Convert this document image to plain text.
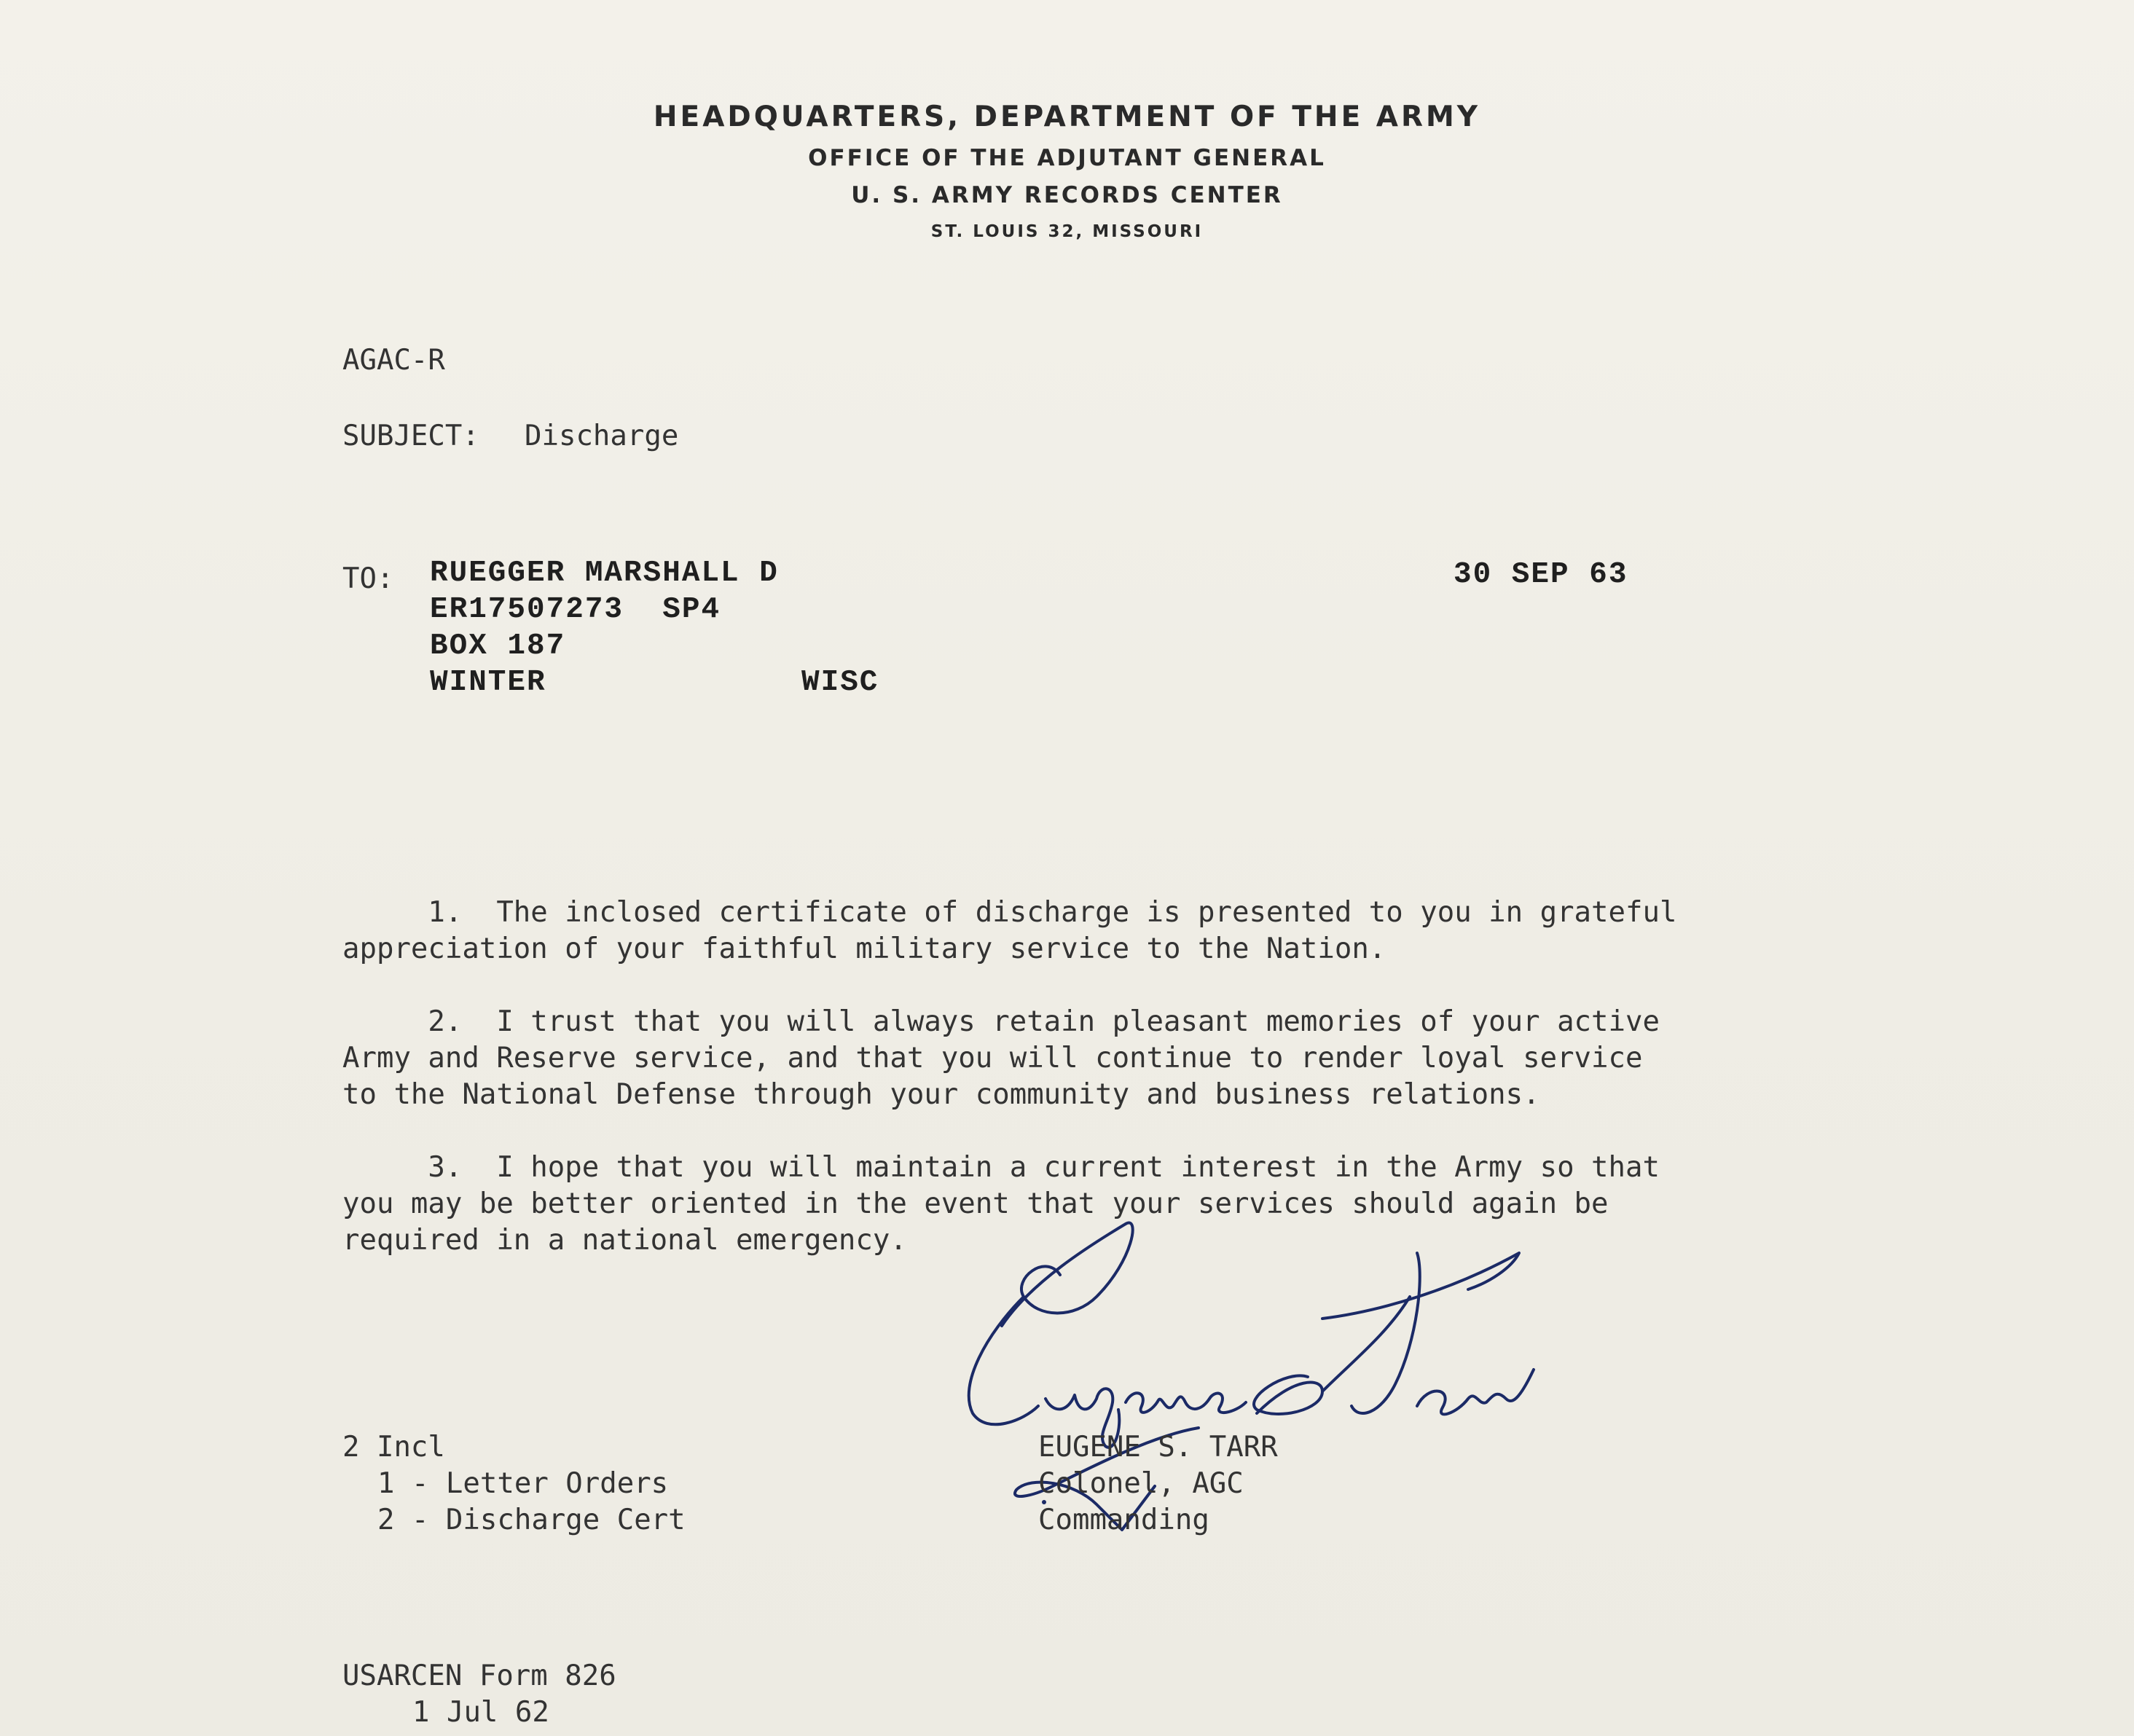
HEADQUARTERS, DEPARTMENT OF THE ARMY
OFFICE OF THE ADJUTANT GENERAL
U. S. ARMY RECORDS CENTER
ST. LOUIS 32, MISSOURI
AGAC-R
SUBJECT: Discharge
TO: RUEGGER MARSHALL D
ER17507273  SP4
BOX 187
WINTER	WISC
30 SEP 63
1.  The inclosed certificate of discharge is presented to you in grateful
appreciation of your faithful military service to the Nation.
2.  I trust that you will always retain pleasant memories of your active
Army and Reserve service, and that you will continue to render loyal service
to the National Defense through your community and business relations.
3.  I hope that you will maintain a current interest in the Army so that
you may be better oriented in the event that your services should again be
required in a national emergency.
EUGENE S. TARR
Colonel, AGC
Commanding
2 Incl
1 - Letter Orders
2 - Discharge Cert
USARCEN Form 826
1 Jul 62
